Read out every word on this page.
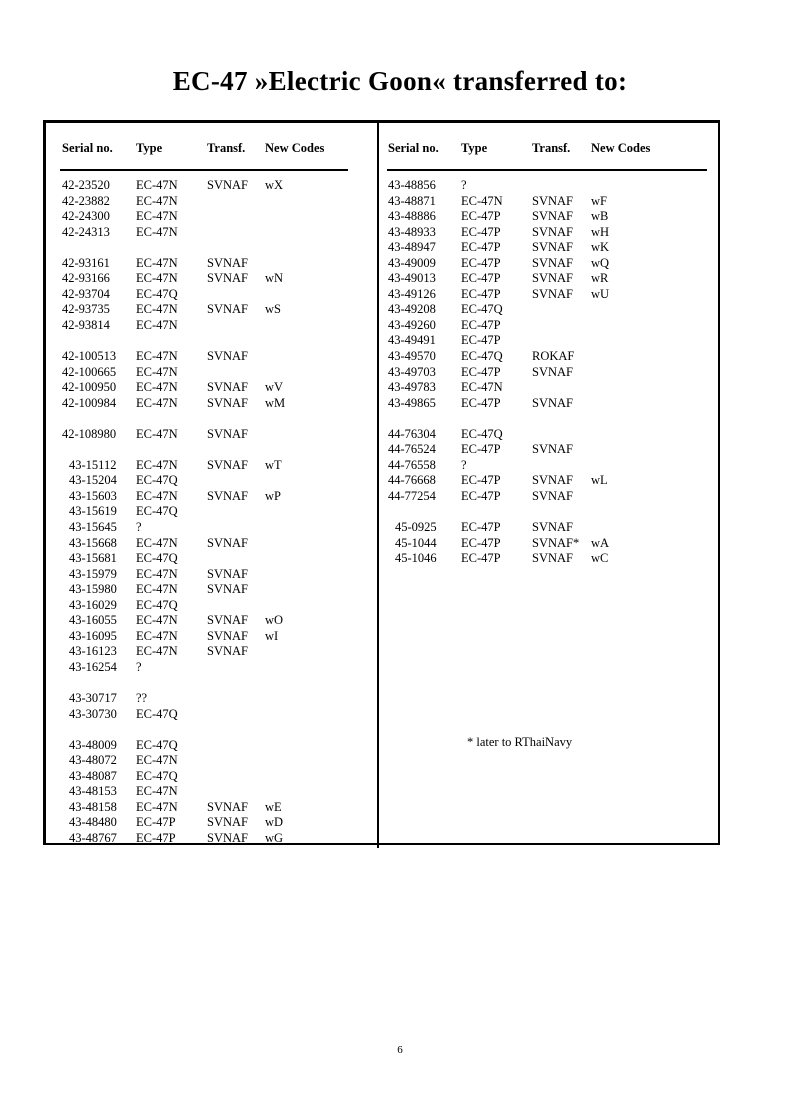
EC-47 »Electric Goon« transferred to:
Serial no. Type	Transf. New Codes
42-23520 EC-47N SVNAF wX
42-23882 EC-47N
42-24300 EC-47N
42-24313 EC-47N
42-93161 EC-47N SVNAF
42-93166 EC-47N SVNAF wN
42-93704 EC-47Q
42-93735 EC-47N SVNAF wS
42-93814 EC-47N
42-100513 EC-47N SVNAF
42-100665 EC-47N
42-100950 EC-47N SVNAF wV
42-100984 EC-47N SVNAF wM
42-108980 EC-47N SVNAF
43-15112 EC-47N SVNAF wT
43-15204 EC-47Q
43-15603 EC-47N SVNAF wP
43-15619 EC-47Q
43-15645 ?
43-15668 EC-47N SVNAF
43-15681 EC-47Q
43-15979 EC-47N SVNAF
43-15980 EC-47N SVNAF
43-16029 EC-47Q
43-16055 EC-47N SVNAF wO
43-16095 EC-47N SVNAF wI
43-16123 EC-47N SVNAF
43-16254 ?
43-30717 ??
43-30730 EC-47Q
43-48009 EC-47Q
43-48072 EC-47N
43-48087 EC-47Q
43-48153 EC-47N
43-48158 EC-47N SVNAF wE
43-48480 EC-47P	SVNAF wD
43-48767 EC-47P	SVNAF wG
Serial no. Type	Transf. New Codes
43-48856 ?
43-48871 EC-47N SVNAF wF
43-48886 EC-47P	SVNAF wB
43-48933 EC-47P	SVNAF wH
43-48947 EC-47P	SVNAF wK
43-49009 EC-47P	SVNAF wQ
43-49013 EC-47P	SVNAF wR
43-49126 EC-47P	SVNAF wU
43-49208 EC-47Q
43-49260 EC-47P
43-49491 EC-47P
43-49570 EC-47Q ROKAF
43-49703 EC-47P	SVNAF
43-49783 EC-47N
43-49865 EC-47P	SVNAF
44-76304 EC-47Q
44-76524 EC-47P	SVNAF
44-76558 ?
44-76668 EC-47P	SVNAF wL
44-77254 EC-47P	SVNAF
45-0925 EC-47P	SVNAF
45-1044 EC-47P	SVNAF* wA
45-1046 EC-47P	SVNAF wC
* later to RThaiNavy
6
